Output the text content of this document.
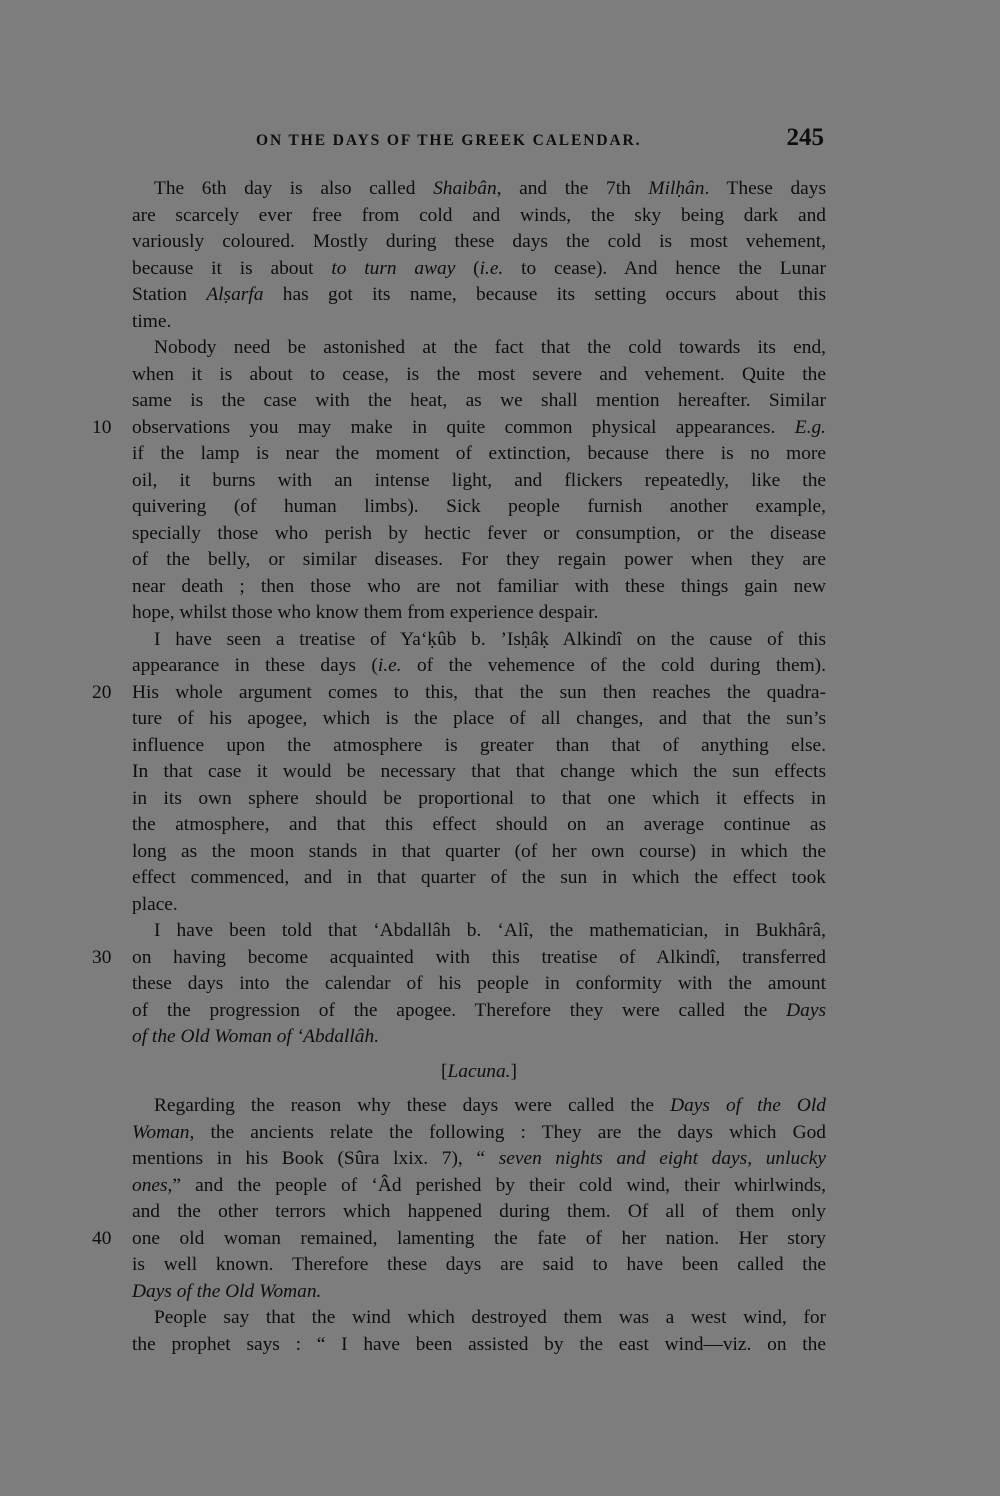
ON THE DAYS OF THE GREEK CALENDAR.	245
The 6th day is also called Shaibân, and the 7th Milḥân. These days
are scarcely ever free from cold and winds, the sky being dark and
variously coloured. Mostly during these days the cold is most vehement,
because it is about to turn away (i.e. to cease). And hence the Lunar
Station Alṣarfa has got its name, because its setting occurs about this
time.
Nobody need be astonished at the fact that the cold towards its end,
when it is about to cease, is the most severe and vehement. Quite the
same is the case with the heat, as we shall mention hereafter. Similar
observations you may make in quite common physical appearances. E.g.
10
if the lamp is near the moment of extinction, because there is no more
oil, it burns with an intense light, and flickers repeatedly, like the
quivering (of human limbs). Sick people furnish another example,
specially those who perish by hectic fever or consumption, or the disease
of the belly, or similar diseases. For they regain power when they are
near death ; then those who are not familiar with these things gain new
hope, whilst those who know them from experience despair.
I have seen a treatise of Ya‘ḳûb b. ’Isḥâḳ Alkindî on the cause of this
appearance in these days (i.e. of the vehemence of the cold during them).
His whole argument comes to this, that the sun then reaches the quadra-
20
ture of his apogee, which is the place of all changes, and that the sun’s
influence upon the atmosphere is greater than that of anything else.
In that case it would be necessary that that change which the sun effects
in its own sphere should be proportional to that one which it effects in
the atmosphere, and that this effect should on an average continue as
long as the moon stands in that quarter (of her own course) in which the
effect commenced, and in that quarter of the sun in which the effect took
place.
I have been told that ‘Abdallâh b. ‘Alî, the mathematician, in Bukhârâ,
on having become acquainted with this treatise of Alkindî, transferred
30
these days into the calendar of his people in conformity with the amount
of the progression of the apogee. Therefore they were called the Days
of the Old Woman of ‘Abdallâh.
[Lacuna.]
Regarding the reason why these days were called the Days of the Old
Woman, the ancients relate the following : They are the days which God
mentions in his Book (Sûra lxix. 7), “ seven nights and eight days, unlucky
ones,” and the people of ‘Âd perished by their cold wind, their whirlwinds,
and the other terrors which happened during them. Of all of them only
one old woman remained, lamenting the fate of her nation. Her story
40
is well known. Therefore these days are said to have been called the
Days of the Old Woman.
People say that the wind which destroyed them was a west wind, for
the prophet says : “ I have been assisted by the east wind—viz. on the
